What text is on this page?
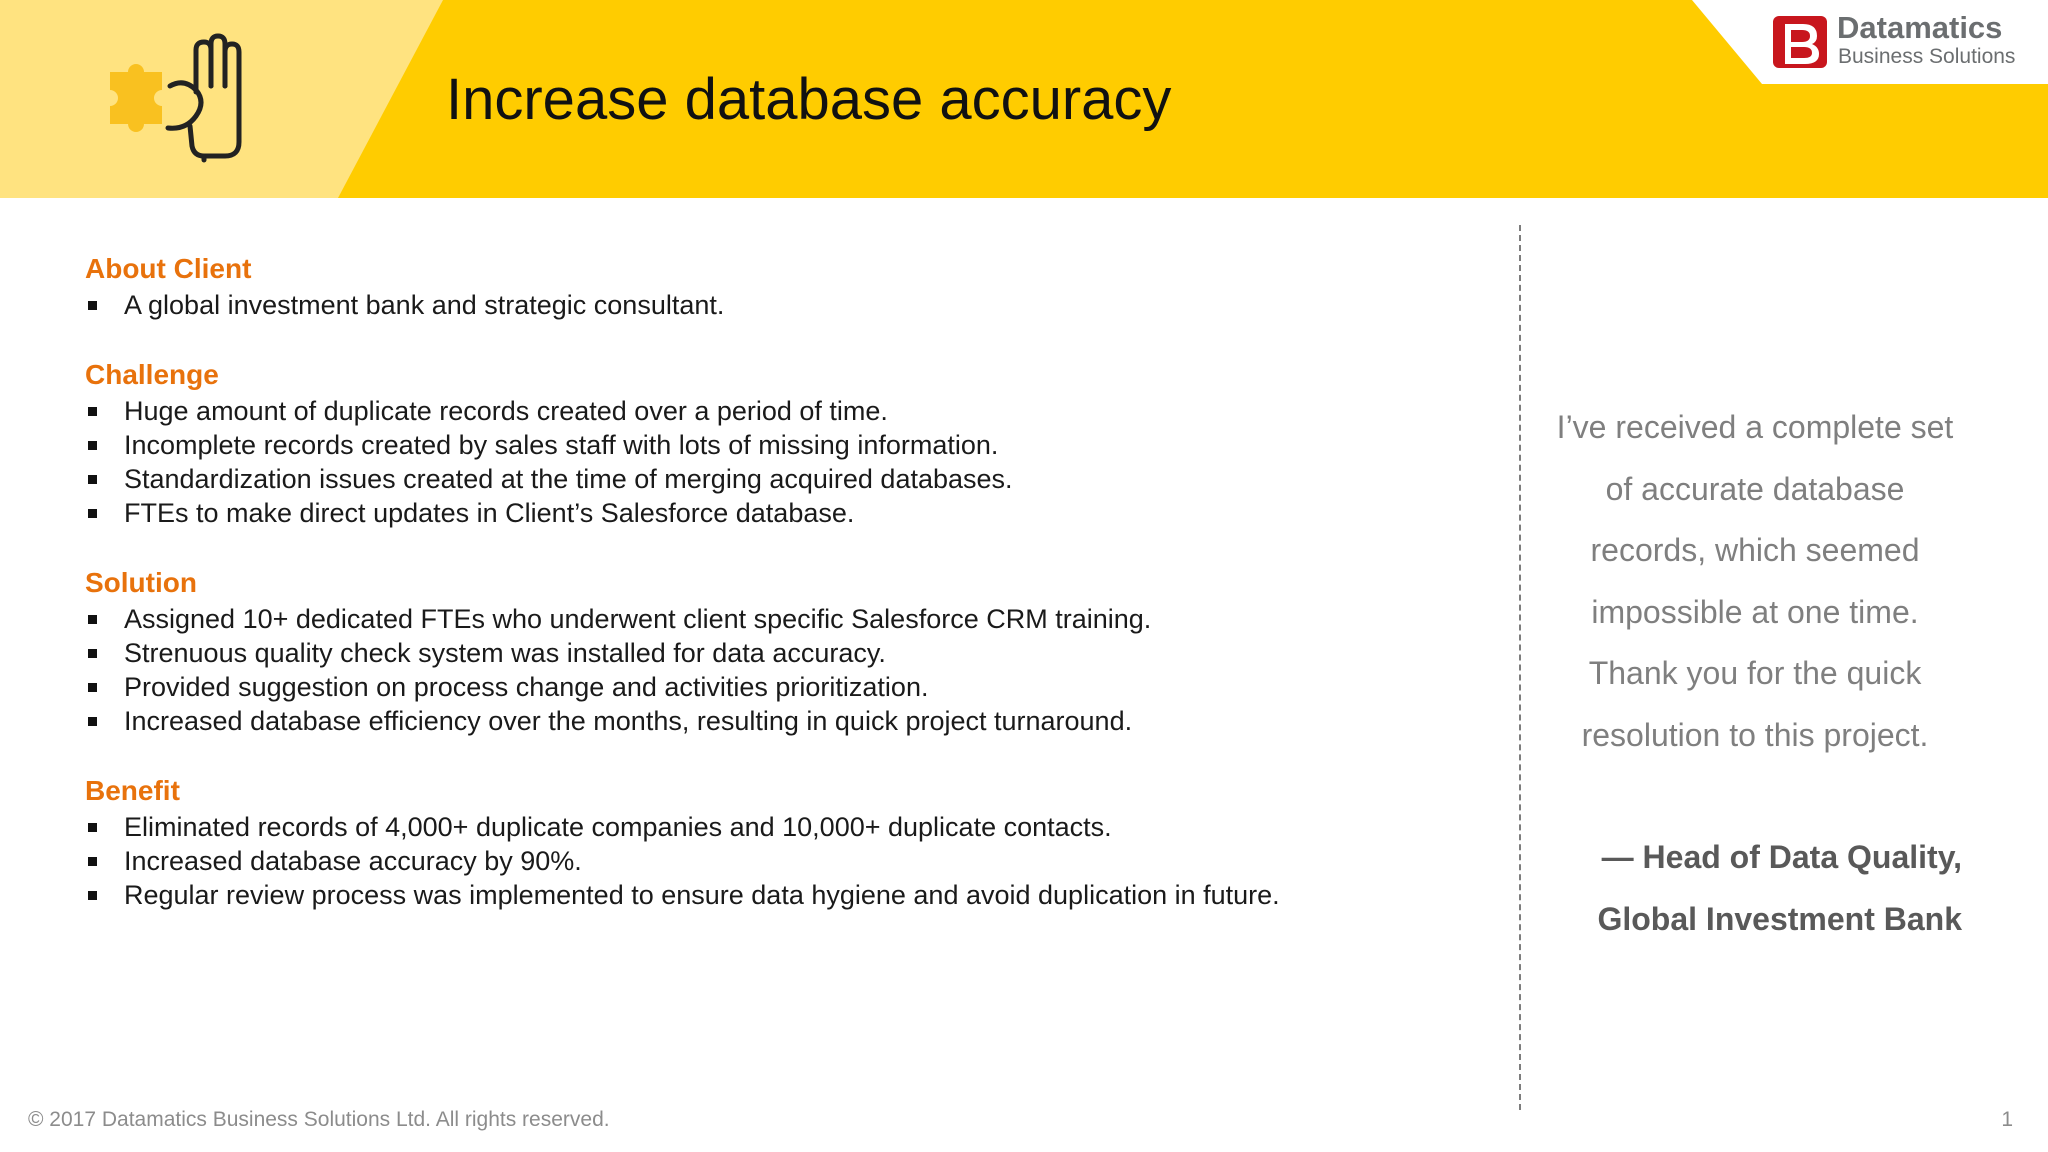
Increase database accuracy
Datamatics
Business Solutions
About Client
A global investment bank and strategic consultant.
Challenge
Huge amount of duplicate records created over a period of time.
Incomplete records created by sales staff with lots of missing information.
Standardization issues created at the time of merging acquired databases.
FTEs to make direct updates in Client’s Salesforce database.
Solution
Assigned 10+ dedicated FTEs who underwent client specific Salesforce CRM training.
Strenuous quality check system was installed for data accuracy.
Provided suggestion on process change and activities prioritization.
Increased database efficiency over the months, resulting in quick project turnaround.
Benefit
Eliminated records of 4,000+ duplicate companies and 10,000+ duplicate contacts.
Increased database accuracy by 90%.
Regular review process was implemented to ensure data hygiene and avoid duplication in future.
I’ve received a complete set
of accurate database
records, which seemed
impossible at one time.
Thank you for the quick
resolution to this project.
— Head of Data Quality,
Global Investment Bank
© 2017 Datamatics Business Solutions Ltd. All rights reserved.	1
